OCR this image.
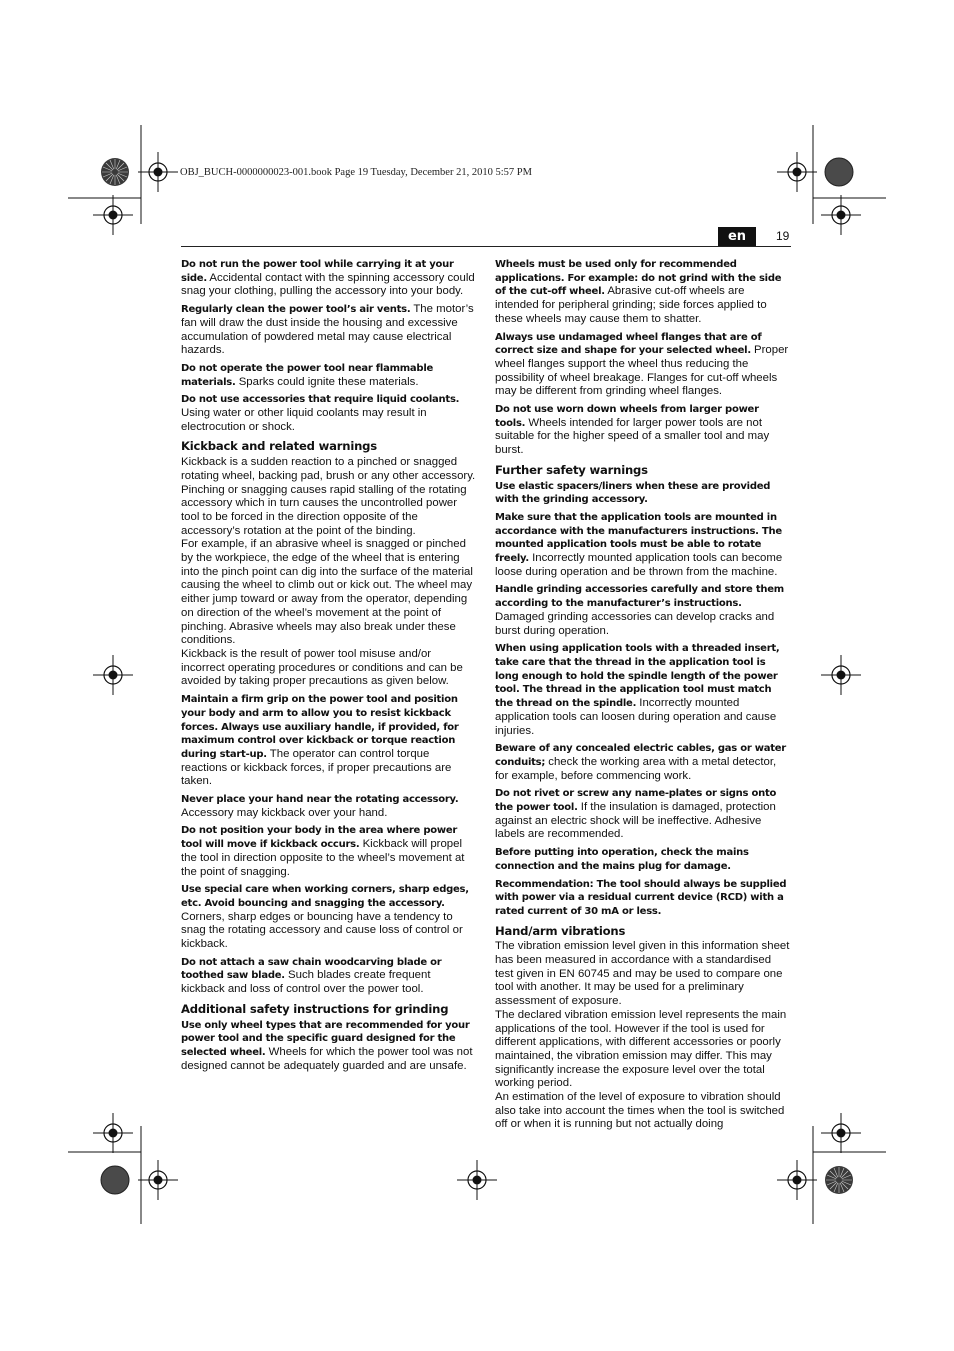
OBJ_BUCH-0000000023-001.book Page 19 Tuesday, December 21, 2010 5:57 PM
en	19

Do not run the power tool while carrying it at your side. Accidental contact with the spinning accessory could snag your clothing, pulling the accessory into your body.

Regularly clean the power tool’s air vents. The motor’s fan will draw the dust inside the housing and excessive accumulation of powdered metal may cause electrical hazards.

Do not operate the power tool near flammable materials. Sparks could ignite these materials.

Do not use accessories that require liquid coolants. Using water or other liquid coolants may result in electrocution or shock.

Kickback and related warnings

Kickback is a sudden reaction to a pinched or snagged rotating wheel, backing pad, brush or any other accessory. Pinching or snagging causes rapid stalling of the rotating accessory which in turn causes the uncontrolled power tool to be forced in the direction opposite of the accessory’s rotation at the point of the binding.

For example, if an abrasive wheel is snagged or pinched by the workpiece, the edge of the wheel that is entering into the pinch point can dig into the surface of the material causing the wheel to climb out or kick out. The wheel may either jump toward or away from the operator, depending on direction of the wheel’s movement at the point of pinching. Abrasive wheels may also break under these conditions.

Kickback is the result of power tool misuse and/or incorrect operating procedures or conditions and can be avoided by taking proper precautions as given below.

Maintain a firm grip on the power tool and position your body and arm to allow you to resist kickback forces. Always use auxiliary handle, if provided, for maximum control over kickback or torque reaction during start-up. The operator can control torque reactions or kickback forces, if proper precautions are taken.

Never place your hand near the rotating accessory. Accessory may kickback over your hand.

Do not position your body in the area where power tool will move if kickback occurs. Kickback will propel the tool in direction opposite to the wheel’s movement at the point of snagging.

Use special care when working corners, sharp edges, etc. Avoid bouncing and snagging the accessory. Corners, sharp edges or bouncing have a tendency to snag the rotating accessory and cause loss of control or kickback.

Do not attach a saw chain woodcarving blade or toothed saw blade. Such blades create frequent kickback and loss of control over the power tool.

Additional safety instructions for grinding

Use only wheel types that are recommended for your power tool and the specific guard designed for the selected wheel. Wheels for which the power tool was not designed cannot be adequately guarded and are unsafe.

Wheels must be used only for recommended applications. For example: do not grind with the side of the cut-off wheel. Abrasive cut-off wheels are intended for peripheral grinding; side forces applied to these wheels may cause them to shatter.

Always use undamaged wheel flanges that are of correct size and shape for your selected wheel. Proper wheel flanges support the wheel thus reducing the possibility of wheel breakage. Flanges for cut-off wheels may be different from grinding wheel flanges.

Do not use worn down wheels from larger power tools. Wheels intended for larger power tools are not suitable for the higher speed of a smaller tool and may burst.

Further safety warnings

Use elastic spacers/liners when these are provided with the grinding accessory.

Make sure that the application tools are mounted in accordance with the manufacturers instructions. The mounted application tools must be able to rotate freely. Incorrectly mounted application tools can become loose during operation and be thrown from the machine.

Handle grinding accessories carefully and store them according to the manufacturer’s instructions. Damaged grinding accessories can develop cracks and burst during operation.

When using application tools with a threaded insert, take care that the thread in the application tool is long enough to hold the spindle length of the power tool. The thread in the application tool must match the thread on the spindle. Incorrectly mounted application tools can loosen during operation and cause injuries.

Beware of any concealed electric cables, gas or water conduits; check the working area with a metal detector, for example, before commencing work.

Do not rivet or screw any name-plates or signs onto the power tool. If the insulation is damaged, protection against an electric shock will be ineffective. Adhesive labels are recommended.

Before putting into operation, check the mains connection and the mains plug for damage.

Recommendation: The tool should always be supplied with power via a residual current device (RCD) with a rated current of 30 mA or less.

Hand/arm vibrations

The vibration emission level given in this information sheet has been measured in accordance with a standardised test given in EN 60745 and may be used to compare one tool with another. It may be used for a preliminary assessment of exposure.

The declared vibration emission level represents the main applications of the tool. However if the tool is used for different applications, with different accessories or poorly maintained, the vibration emission may differ. This may significantly increase the exposure level over the total working period.

An estimation of the level of exposure to vibration should also take into account the times when the tool is switched off or when it is running but not actually doing
